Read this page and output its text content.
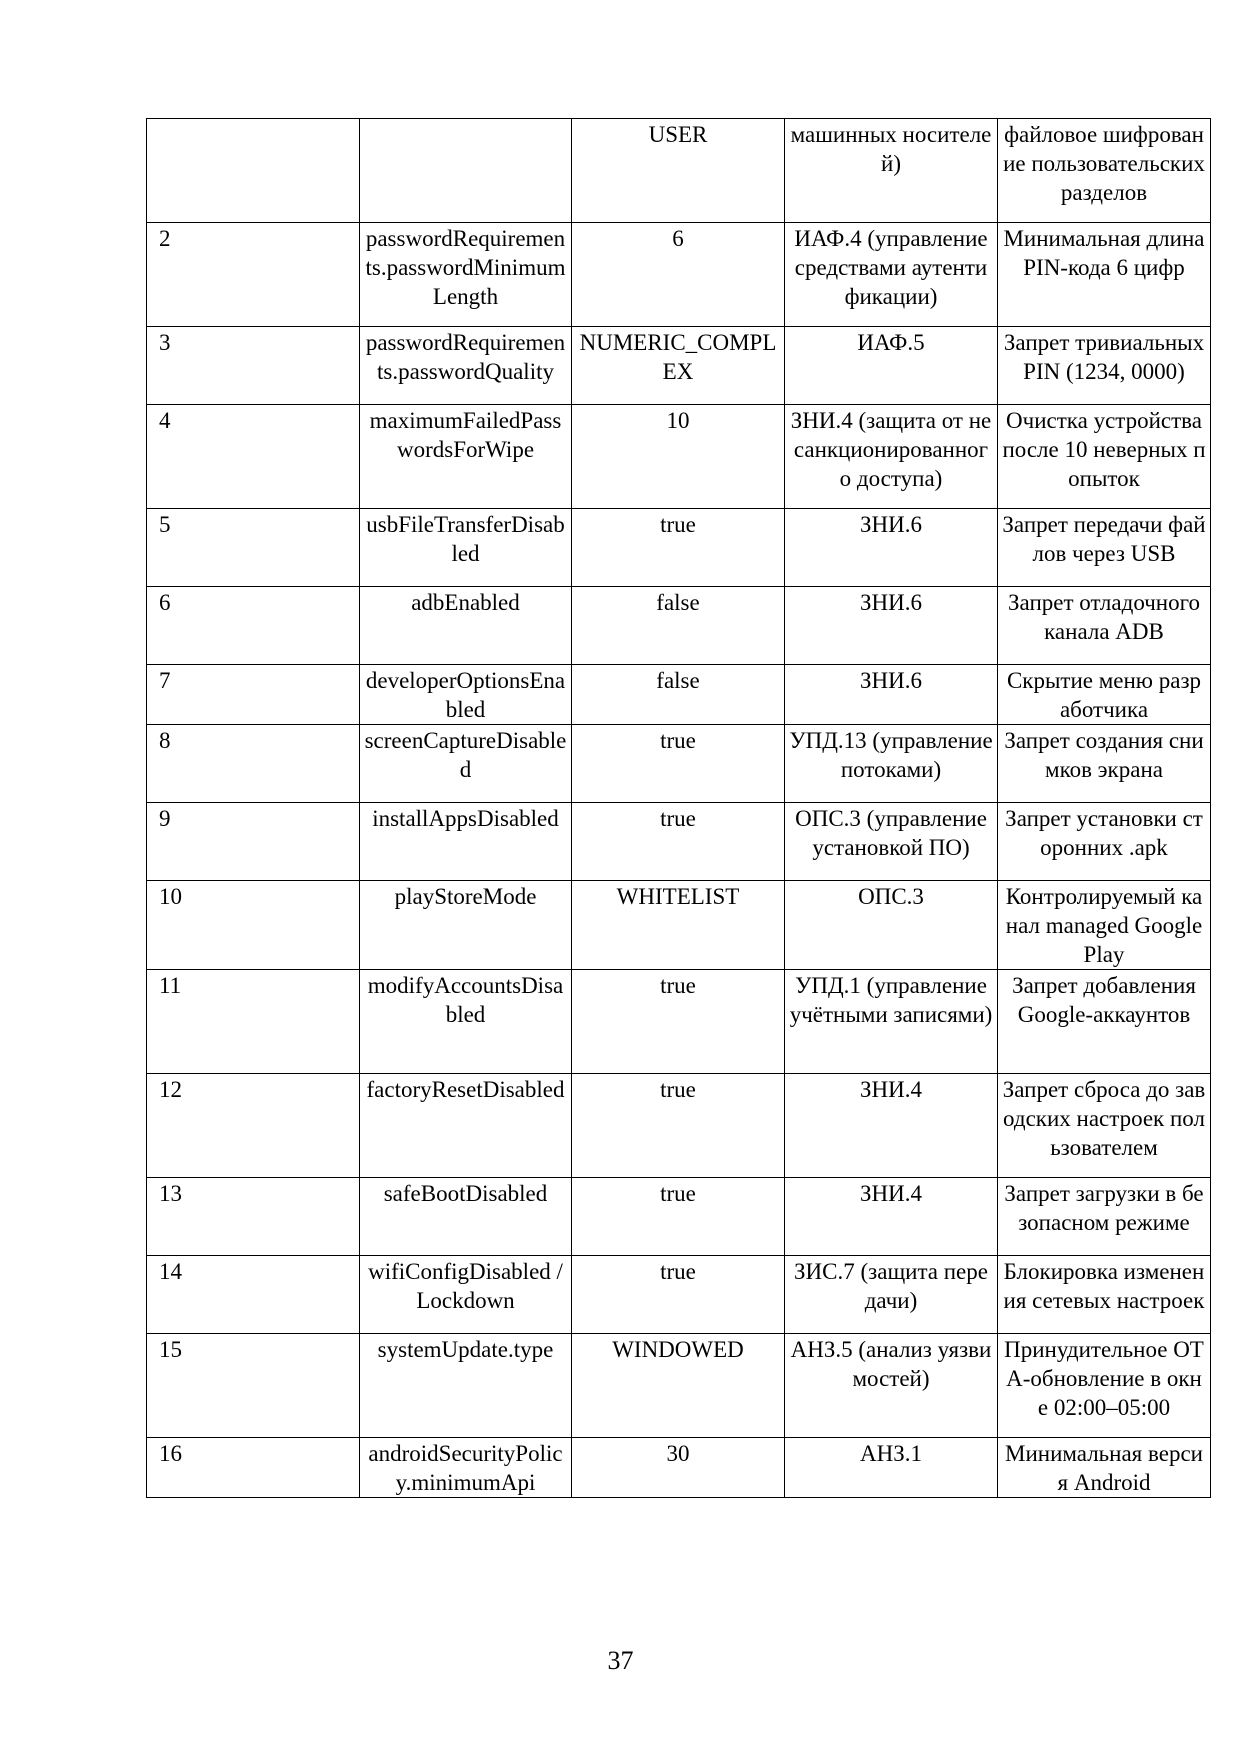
		USER	машинных носителей)	файловое шифрование пользовательских разделов
2	passwordRequirements.passwordMinimumLength	6	ИАФ.4 (управление средствами аутентификации)	Минимальная длина PIN-кода 6 цифр
3	passwordRequirements.passwordQuality	NUMERIC_COMPLEX	ИАФ.5	Запрет тривиальных PIN (1234, 0000)
4	maximumFailedPasswordsForWipe	10	ЗНИ.4 (защита от несанкционированного доступа)	Очистка устройства после 10 неверных попыток
5	usbFileTransferDisabled	true	ЗНИ.6	Запрет передачи файлов через USB
6	adbEnabled	false	ЗНИ.6	Запрет отладочного канала ADB
7	developerOptionsEnabled	false	ЗНИ.6	Скрытие меню разработчика
8	screenCaptureDisabled	true	УПД.13 (управление потоками)	Запрет создания снимков экрана
9	installAppsDisabled	true	ОПС.3 (управление установкой ПО)	Запрет установки сторонних .apk
10	playStoreMode	WHITELIST	ОПС.3	Контролируемый канал managed Google Play
11	modifyAccountsDisabled	true	УПД.1 (управление учётными записями)	Запрет добавления Google-аккаунтов
12	factoryResetDisabled	true	ЗНИ.4	Запрет сброса до заводских настроек пользователем
13	safeBootDisabled	true	ЗНИ.4	Запрет загрузки в безопасном режиме
14	wifiConfigDisabled / Lockdown	true	ЗИС.7 (защита передачи)	Блокировка изменения сетевых настроек
15	systemUpdate.type	WINDOWED	АНЗ.5 (анализ уязвимостей)	Принудительное OTA-обновление в окне 02:00–05:00
16	androidSecurityPolicy.minimumApi	30	АНЗ.1	Минимальная версия Android
37
